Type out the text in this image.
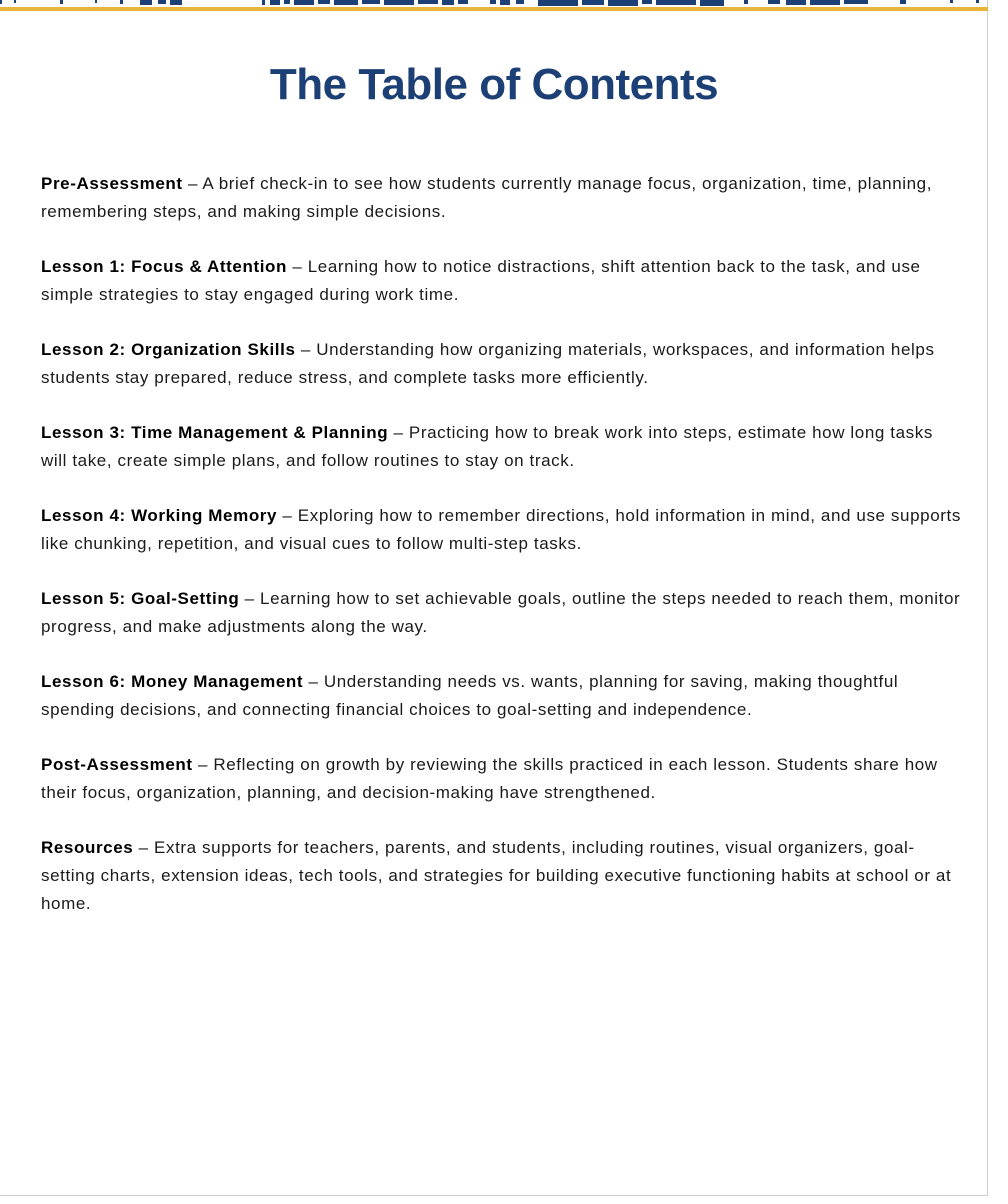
The Table of Contents

Pre-Assessment – A brief check-in to see how students currently manage focus, organization, time, planning, remembering steps, and making simple decisions.

Lesson 1: Focus & Attention – Learning how to notice distractions, shift attention back to the task, and use simple strategies to stay engaged during work time.

Lesson 2: Organization Skills – Understanding how organizing materials, workspaces, and information helps students stay prepared, reduce stress, and complete tasks more efficiently.

Lesson 3: Time Management & Planning – Practicing how to break work into steps, estimate how long tasks will take, create simple plans, and follow routines to stay on track.

Lesson 4: Working Memory – Exploring how to remember directions, hold information in mind, and use supports like chunking, repetition, and visual cues to follow multi-step tasks.

Lesson 5: Goal-Setting – Learning how to set achievable goals, outline the steps needed to reach them, monitor progress, and make adjustments along the way.

Lesson 6: Money Management – Understanding needs vs. wants, planning for saving, making thoughtful spending decisions, and connecting financial choices to goal-setting and independence.

Post-Assessment – Reflecting on growth by reviewing the skills practiced in each lesson. Students share how their focus, organization, planning, and decision-making have strengthened.

Resources – Extra supports for teachers, parents, and students, including routines, visual organizers, goal-setting charts, extension ideas, tech tools, and strategies for building executive functioning habits at school or at home.
